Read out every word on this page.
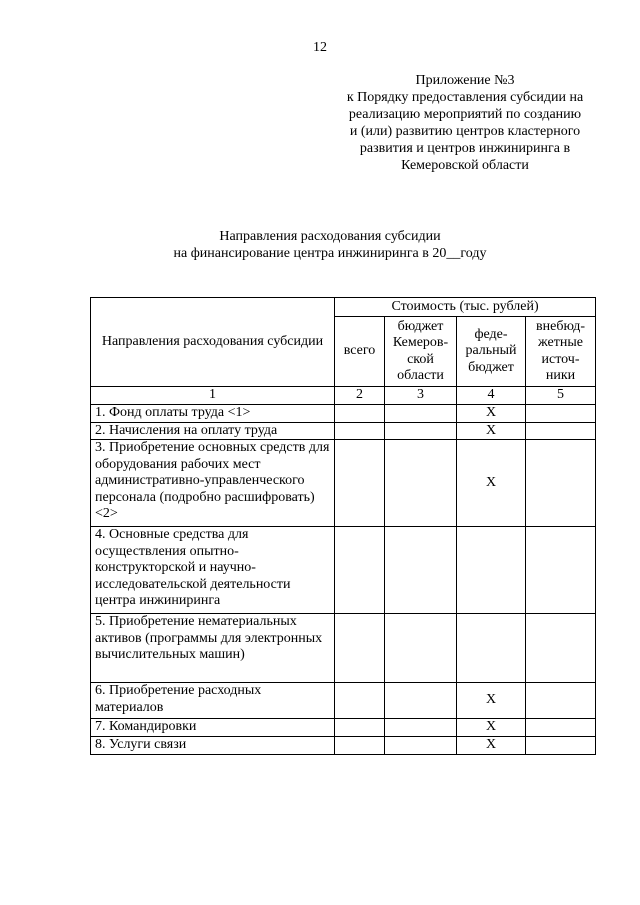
12
Приложение №3
к Порядку предоставления субсидии на
реализацию мероприятий по созданию
и (или) развитию центров кластерного
развития и центров инжиниринга в
Кемеровской области
Направления расходования субсидии
на финансирование центра инжиниринга в 20__году
Направления расходования субсидии	Стоимость (тыс. рублей)			
	всего	бюджет Кемеров-ской области	феде-ральный бюджет	внебюд-жетные источ-ники
1	2	3	4	5
1. Фонд оплаты труда <1>			X	
2. Начисления на оплату труда			X	
3. Приобретение основных средств для оборудования рабочих мест административно-управленческого персонала (подробно расшифровать) <2>			X	
4. Основные средства для осуществления опытно-конструкторской и научно-исследовательской деятельности центра инжиниринга				
5. Приобретение нематериальных активов (программы для электронных вычислительных машин)				
6. Приобретение расходных материалов			X	
7. Командировки			X	
8. Услуги связи			X	
